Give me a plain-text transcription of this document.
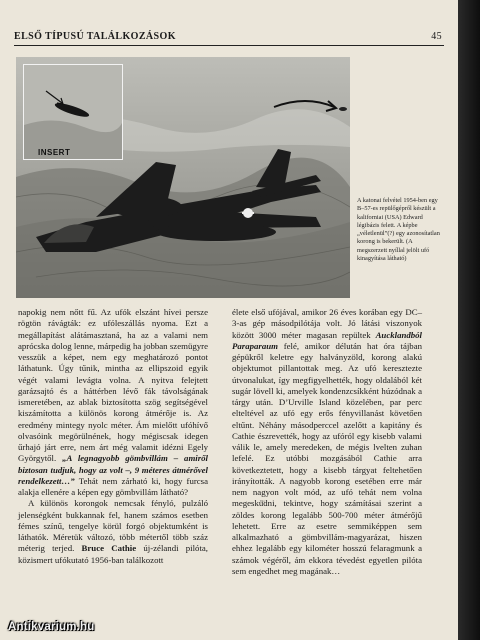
ELSŐ TÍPUSÚ TALÁLKOZÁSOK	45
INSERT
A katonai felvétel 1954-ben egy B–57-es repülőgépről készült a kaliforniai (USA) Edward légibázis felett. A képbe „véletlenül”(?) egy azonosítatlan korong is bekerült. (A megszerzett nyíllal jelölt ufó kinagyítása látható)

napokig nem nőtt fű. Az ufók elszánt hívei persze rögtön rávágták: ez ufóleszállás nyoma. Ezt a megállapítást alátámasztaná, ha az a valami nem aprócska dolog lenne, márpedig ha jobban szemügyre vesszük a képet, nem egy meghatározó pontot láthatunk. Úgy tűnik, mintha az ellipszoid egyik végét valami levágta volna. A nyitva felejtett garázsajtó és a háttérben lévő fák távolságának ismeretében, az ablak biztosította szög segítségével kiszámította a különös korong átmérője is. Az eredmény mintegy nyolc méter. Ám mielőtt ufóhívő olvasóink megörülnének, hogy mégiscsak idegen űrhajó járt erre, nem árt még valamit idézni Egely Györgytől. „A legnagyobb gömbvillám – amiről biztosan tudjuk, hogy az volt –, 9 méteres átmérővel rendelkezett…” Tehát nem zárható ki, hogy furcsa alakja ellenére a képen egy gömbvillám látható?

A különös korongok nemcsak fényló, pulzáló jelenségként bukkannak fel, hanem számos esetben fémes színű, tengelye körül forgó objektumként is láthatók. Méretük változó, több métertől több száz méterig terjed. Bruce Cathie új-zélandi pilóta, közismert ufókutató 1956-ban találkozott

élete első ufójával, amikor 26 éves korában egy DC–3-as gép másodpilótája volt. Jó látási viszonyok között 3000 méter magasan repültek Aucklandból Paraparaum felé, amikor délután hat óra tájban gépükről keletre egy halványzöld, korong alakú objektumot pillantottak meg. Az ufó keresztezte útvonalukat, így megfigyelhették, hogy oldalából két sugár lövell ki, amelyek kondenzcsíkként húzódnak a tárgy után. D’Urville Island közelében, par perc elteltével az ufó egy erős fényvillanást követően eltűnt. Néhány másodperccel azelőtt a kapitány és Cathie észrevették, hogy az ufóról egy kisebb valami válik le, amely meredeken, de mégis lvelten zuhan lefelé. Ez utóbbi mozgásából Cathie arra következtetett, hogy a kisebb tárgyat feltehetően irányították. A nagyobb korong esetében erre már nem nagyon volt mód, az ufó tehát nem volna megeskü̈dni, tekintve, hogy számításai szerint a zöldes korong legalább 500-700 méter átmérőjű lehetett. Erre az esetre semmiképpen sem alkalmazható a gömbvillám-magyarázat, hiszen ehhez legalább egy kilométer hosszú felaragmunk a számok végéről, ám ekkora tévedést egyetlen pilóta sem engedhet meg magának…

Antikvarium.hu
